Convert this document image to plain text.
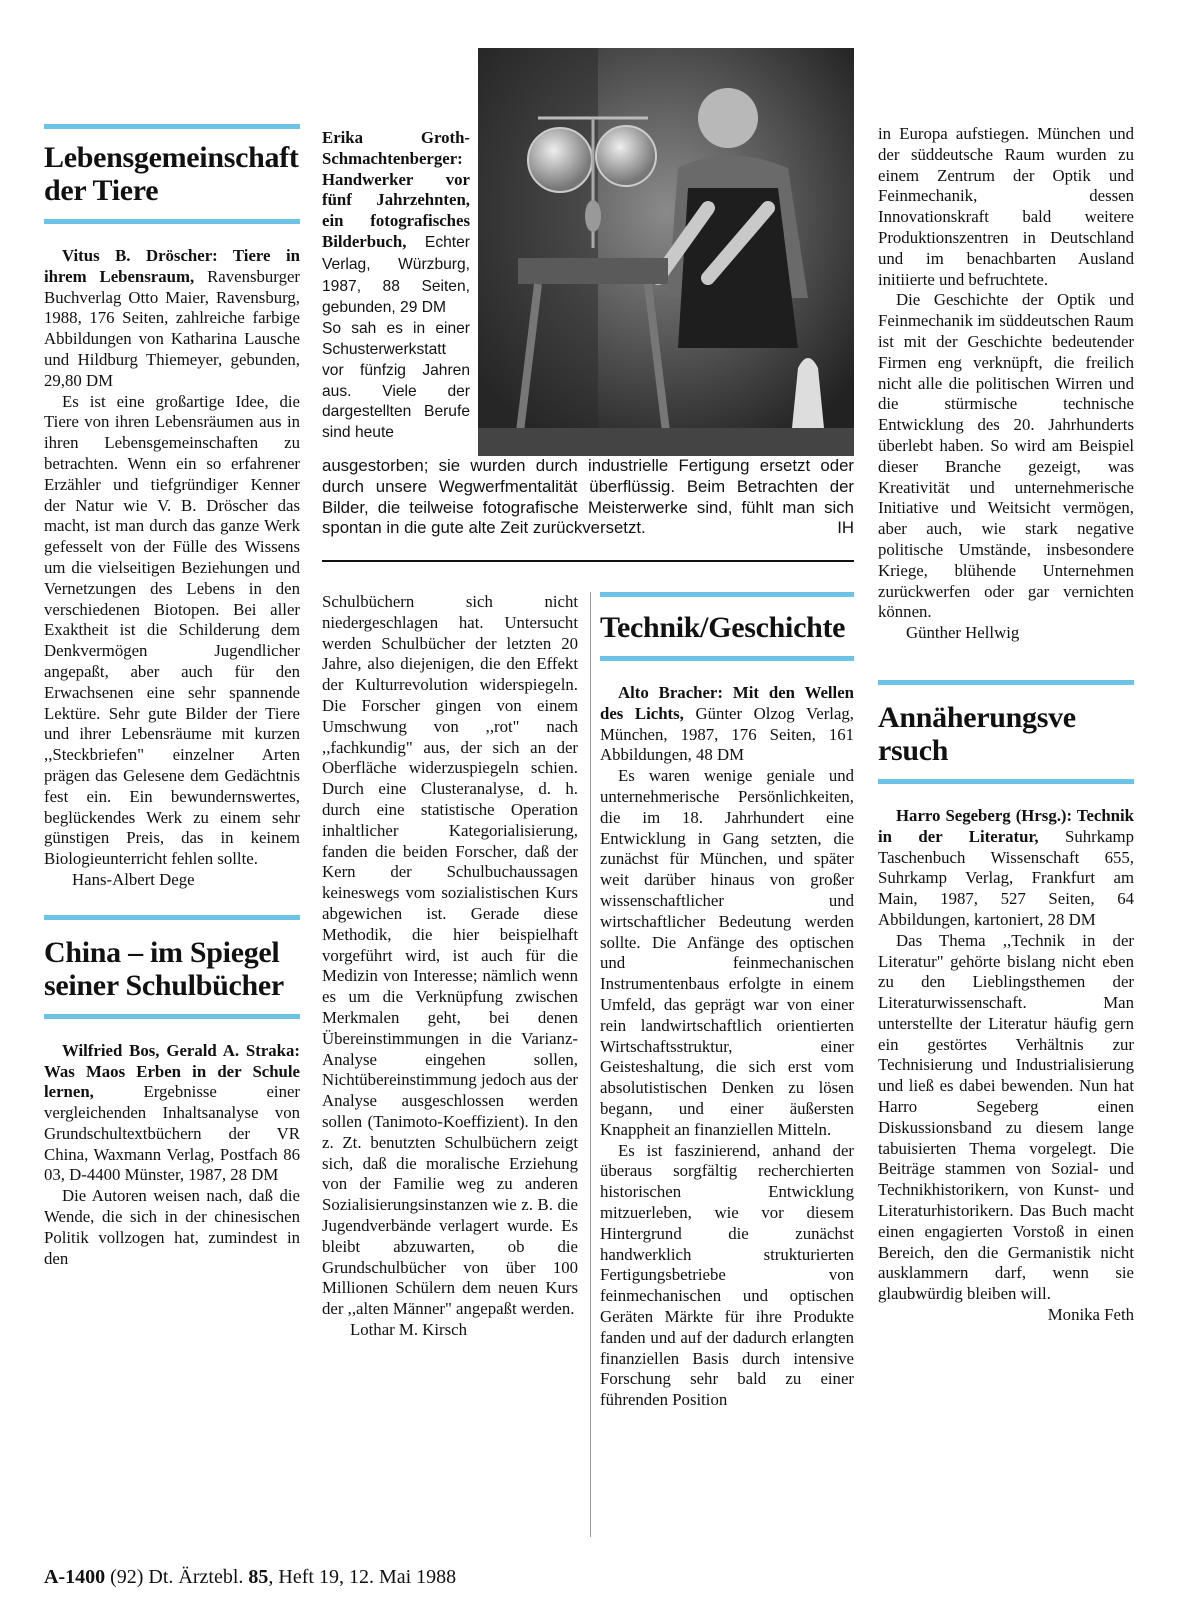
Lebensgemeinschaft der Tiere

Vitus B. Dröscher: Tiere in ihrem Lebensraum, Ravensburger Buchverlag Otto Maier, Ravensburg, 1988, 176 Seiten, zahlreiche farbige Abbildungen von Katharina Lausche und Hildburg Thiemeyer, gebunden, 29,80 DM

Es ist eine großartige Idee, die Tiere von ihren Lebensräumen aus in ihren Lebensgemeinschaften zu betrachten. Wenn ein so erfahrener Erzähler und tiefgründiger Kenner der Natur wie V. B. Dröscher das macht, ist man durch das ganze Werk gefesselt von der Fülle des Wissens um die vielseitigen Beziehungen und Vernetzungen des Lebens in den verschiedenen Biotopen. Bei aller Exaktheit ist die Schilderung dem Denkvermögen Jugendlicher angepaßt, aber auch für den Erwachsenen eine sehr spannende Lektüre. Sehr gute Bilder der Tiere und ihrer Lebensräume mit kurzen ,,Steckbriefen" einzelner Arten prägen das Gelesene dem Gedächtnis fest ein. Ein bewundernswertes, beglückendes Werk zu einem sehr günstigen Preis, das in keinem Biologieunterricht fehlen sollte.

Hans-Albert Dege

China – im Spiegel seiner Schulbücher

Wilfried Bos, Gerald A. Straka: Was Maos Erben in der Schule lernen, Ergebnisse einer vergleichenden Inhaltsanalyse von Grundschultextbüchern der VR China, Waxmann Verlag, Postfach 86 03, D-4400 Münster, 1987, 28 DM

Die Autoren weisen nach, daß die Wende, die sich in der chinesischen Politik vollzogen hat, zumindest in den

Erika Groth-Schmachtenberger: Handwerker vor fünf Jahrzehnten, ein fotografisches Bilderbuch, Echter Verlag, Würzburg, 1987, 88 Seiten, gebunden, 29 DM

So sah es in einer Schusterwerkstatt vor fünfzig Jahren aus. Viele der dargestellten Berufe sind heute

ausgestorben; sie wurden durch industrielle Fertigung ersetzt oder durch unsere Wegwerfmentalität überflüssig. Beim Betrachten der Bilder, die teilweise fotografische Meisterwerke sind, fühlt man sich spontan in die gute alte Zeit zurückversetzt.	IH

Schulbüchern sich nicht niedergeschlagen hat. Untersucht werden Schulbücher der letzten 20 Jahre, also diejenigen, die den Effekt der Kulturrevolution widerspiegeln. Die Forscher gingen von einem Umschwung von ,,rot" nach ,,fachkundig" aus, der sich an der Oberfläche widerzuspiegeln schien. Durch eine Clusteranalyse, d. h. durch eine statistische Operation inhaltlicher Kategorialisierung, fanden die beiden Forscher, daß der Kern der Schulbuchaussagen keineswegs vom sozialistischen Kurs abgewichen ist. Gerade diese Methodik, die hier beispielhaft vorgeführt wird, ist auch für die Medizin von Interesse; nämlich wenn es um die Verknüpfung zwischen Merkmalen geht, bei denen Übereinstimmungen in die Varianz-Analyse eingehen sollen, Nichtübereinstimmung jedoch aus der Analyse ausgeschlossen werden sollen (Tanimoto-Koeffizient). In den z. Zt. benutzten Schulbüchern zeigt sich, daß die moralische Erziehung von der Familie weg zu anderen Sozialisierungsinstanzen wie z. B. die Jugendverbände verlagert wurde. Es bleibt abzuwarten, ob die Grundschulbücher von über 100 Millionen Schülern dem neuen Kurs der ,,alten Männer" angepaßt werden.

Lothar M. Kirsch

Technik/Geschichte

Alto Bracher: Mit den Wellen des Lichts, Günter Olzog Verlag, München, 1987, 176 Seiten, 161 Abbildungen, 48 DM

Es waren wenige geniale und unternehmerische Persönlichkeiten, die im 18. Jahrhundert eine Entwicklung in Gang setzten, die zunächst für München, und später weit darüber hinaus von großer wissenschaftlicher und wirtschaftlicher Bedeutung werden sollte. Die Anfänge des optischen und feinmechanischen Instrumentenbaus erfolgte in einem Umfeld, das geprägt war von einer rein landwirtschaftlich orientierten Wirtschaftsstruktur, einer Geisteshaltung, die sich erst vom absolutistischen Denken zu lösen begann, und einer äußersten Knappheit an finanziellen Mitteln.

Es ist faszinierend, anhand der überaus sorgfältig recherchierten historischen Entwicklung mitzuerleben, wie vor diesem Hintergrund die zunächst handwerklich strukturierten Fertigungsbetriebe von feinmechanischen und optischen Geräten Märkte für ihre Produkte fanden und auf der dadurch erlangten finanziellen Basis durch intensive Forschung sehr bald zu einer führenden Position

in Europa aufstiegen. München und der süddeutsche Raum wurden zu einem Zentrum der Optik und Feinmechanik, dessen Innovationskraft bald weitere Produktionszentren in Deutschland und im benachbarten Ausland initiierte und befruchtete.

Die Geschichte der Optik und Feinmechanik im süddeutschen Raum ist mit der Geschichte bedeutender Firmen eng verknüpft, die freilich nicht alle die politischen Wirren und die stürmische technische Entwicklung des 20. Jahrhunderts überlebt haben. So wird am Beispiel dieser Branche gezeigt, was Kreativität und unternehmerische Initiative und Weitsicht vermögen, aber auch, wie stark negative politische Umstände, insbesondere Kriege, blühende Unternehmen zurückwerfen oder gar vernichten können.

Günther Hellwig

Annäherungsversuch

Harro Segeberg (Hrsg.): Technik in der Literatur, Suhrkamp Taschenbuch Wissenschaft 655, Suhrkamp Verlag, Frankfurt am Main, 1987, 527 Seiten, 64 Abbildungen, kartoniert, 28 DM

Das Thema ,,Technik in der Literatur" gehörte bislang nicht eben zu den Lieblingsthemen der Literaturwissenschaft. Man unterstellte der Literatur häufig gern ein gestörtes Verhältnis zur Technisierung und Industrialisierung und ließ es dabei bewenden. Nun hat Harro Segeberg einen Diskussionsband zu diesem lange tabuisierten Thema vorgelegt. Die Beiträge stammen von Sozial- und Technikhistorikern, von Kunst- und Literaturhistorikern. Das Buch macht einen engagierten Vorstoß in einen Bereich, den die Germanistik nicht ausklammern darf, wenn sie glaubwürdig bleiben will.
Monika Feth

A-1400 (92) Dt. Ärztebl. 85, Heft 19, 12. Mai 1988
